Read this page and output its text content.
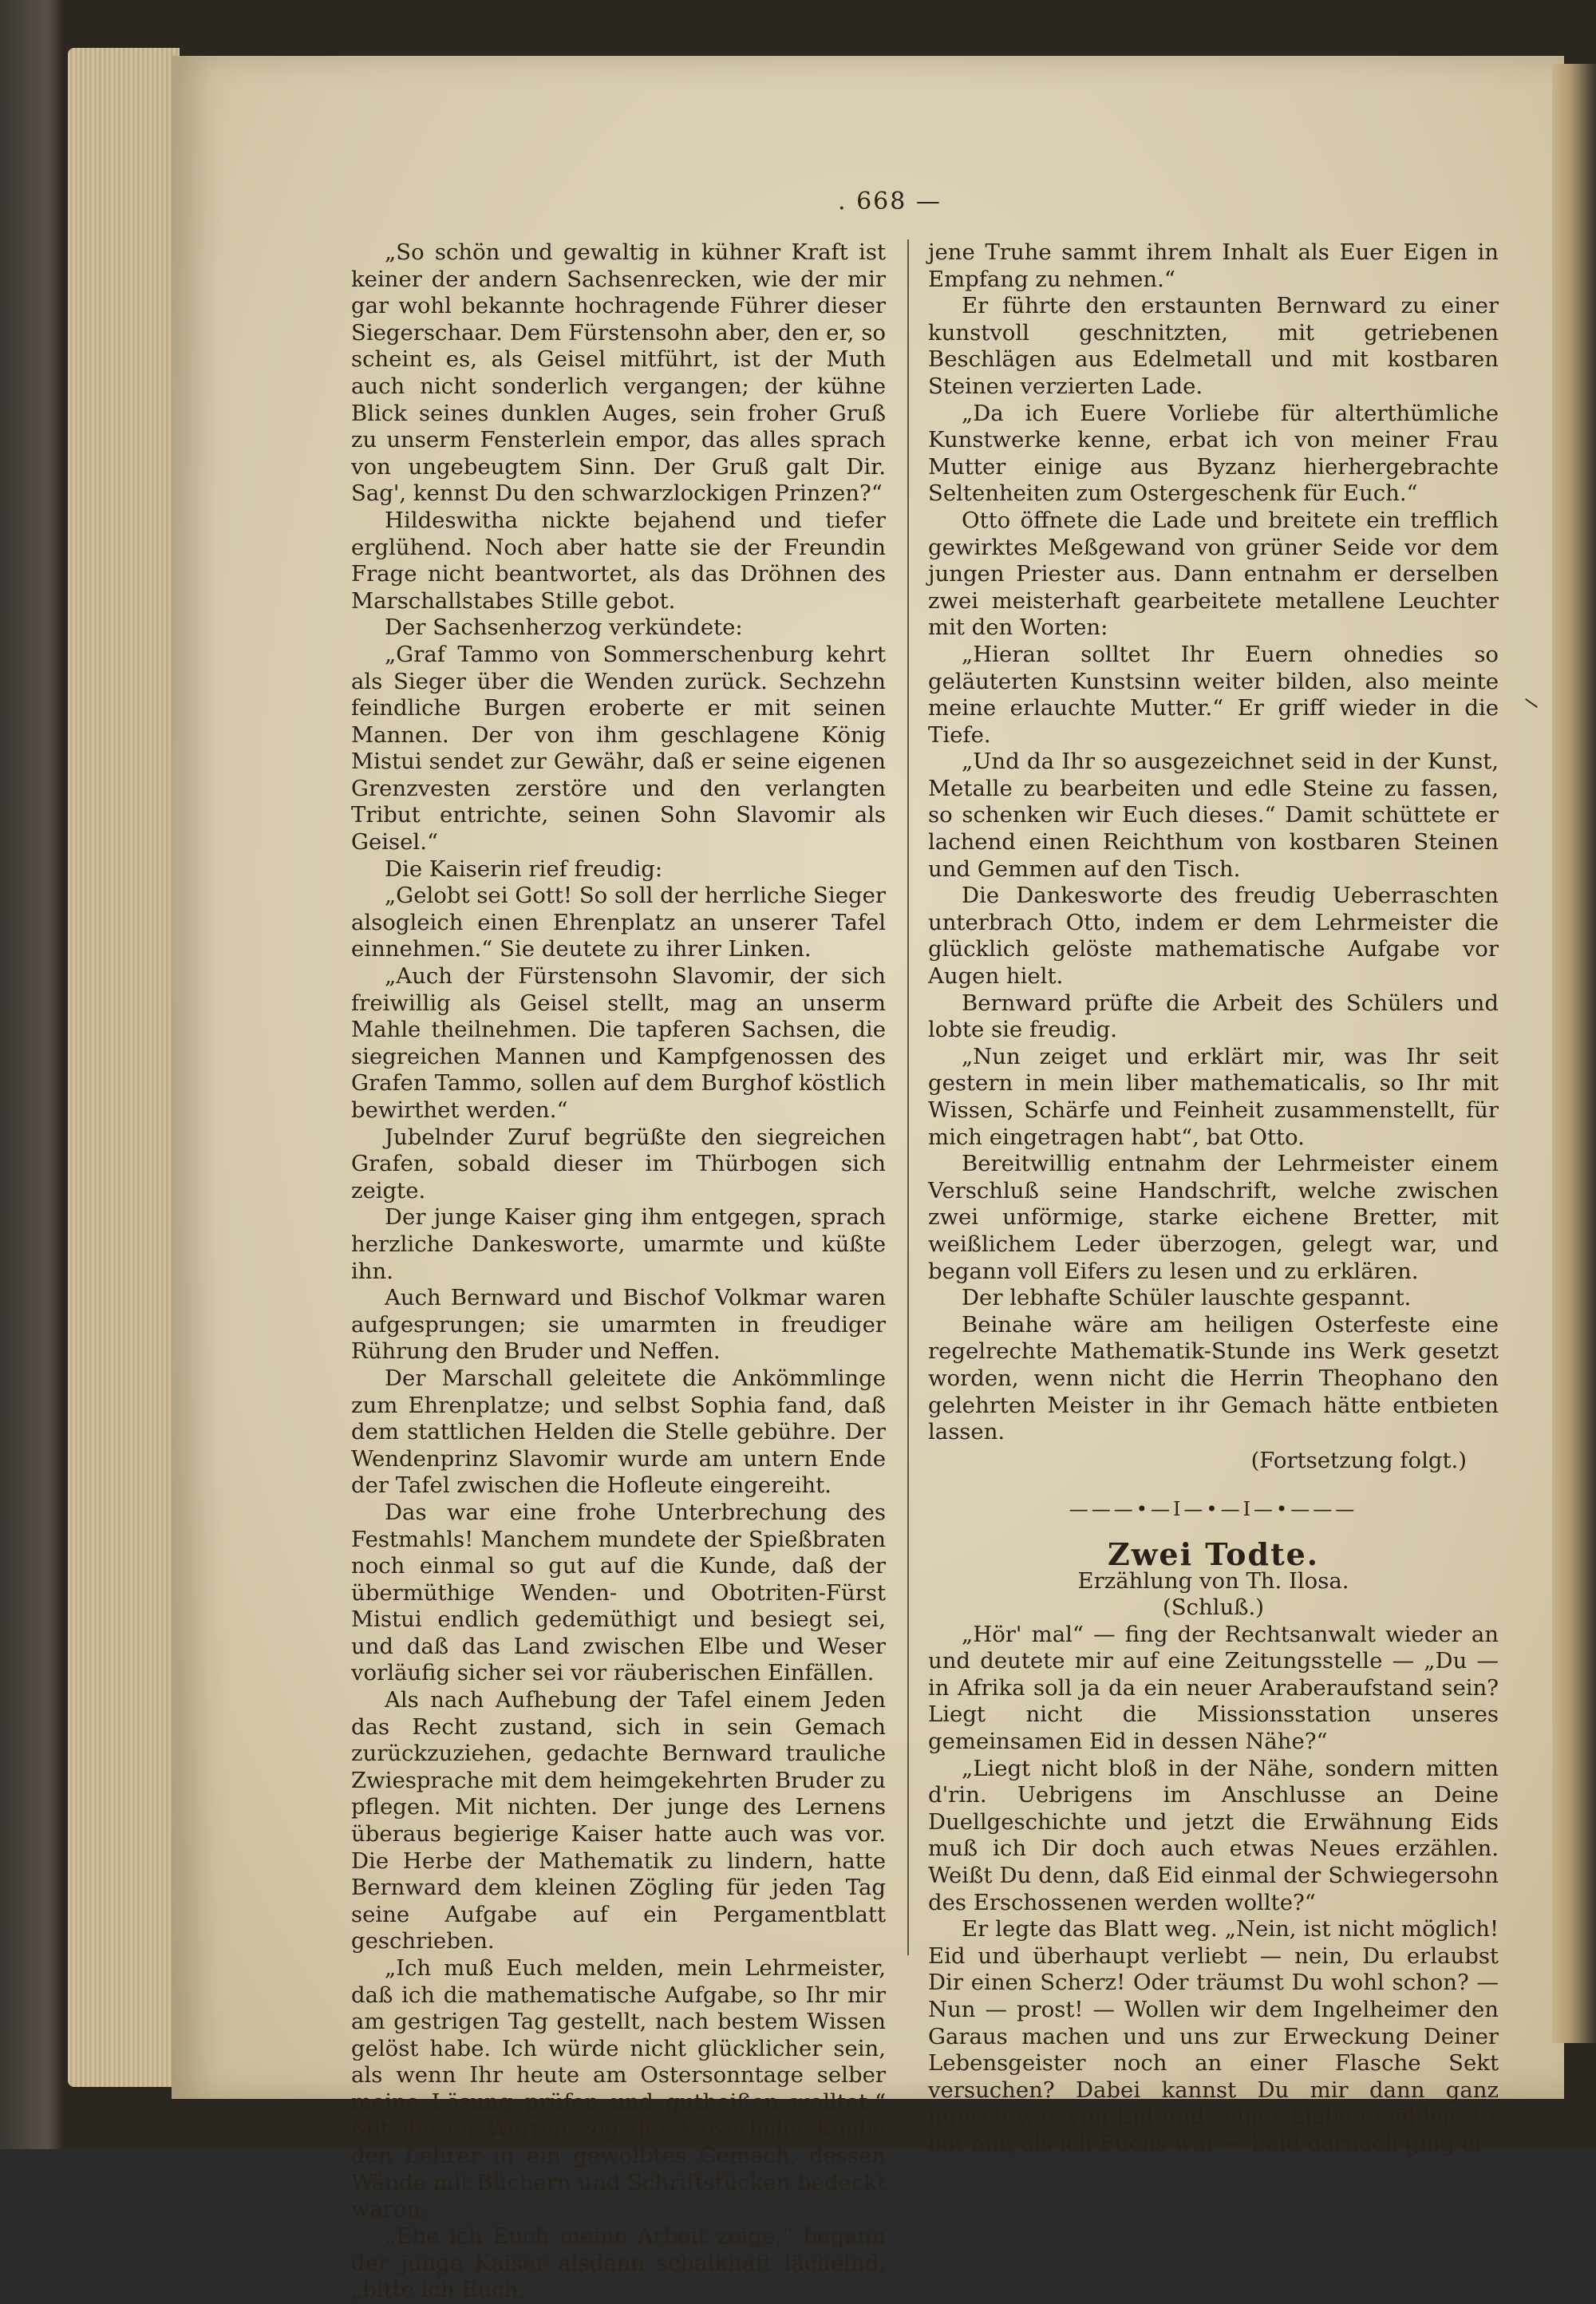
. 668 —

„So schön und gewaltig in kühner Kraft ist keiner der andern Sachsenrecken, wie der mir gar wohl bekannte hochragende Führer dieser Siegerschaar. Dem Fürstensohn aber, den er, so scheint es, als Geisel mitführt, ist der Muth auch nicht sonderlich vergangen; der kühne Blick seines dunklen Auges, sein froher Gruß zu unserm Fensterlein empor, das alles sprach von ungebeugtem Sinn. Der Gruß galt Dir. Sag', kennst Du den schwarzlockigen Prinzen?“

Hildeswitha nickte bejahend und tiefer erglühend. Noch aber hatte sie der Freundin Frage nicht beantwortet, als das Dröhnen des Marschallstabes Stille gebot.

Der Sachsenherzog verkündete:

„Graf Tammo von Sommerschenburg kehrt als Sieger über die Wenden zurück. Sechzehn feindliche Burgen eroberte er mit seinen Mannen. Der von ihm geschlagene König Mistui sendet zur Gewähr, daß er seine eigenen Grenzvesten zerstöre und den verlangten Tribut entrichte, seinen Sohn Slavomir als Geisel.“

Die Kaiserin rief freudig:

„Gelobt sei Gott! So soll der herrliche Sieger alsogleich einen Ehrenplatz an unserer Tafel einnehmen.“ Sie deutete zu ihrer Linken.

„Auch der Fürstensohn Slavomir, der sich freiwillig als Geisel stellt, mag an unserm Mahle theilnehmen. Die tapferen Sachsen, die siegreichen Mannen und Kampfgenossen des Grafen Tammo, sollen auf dem Burghof köstlich bewirthet werden.“

Jubelnder Zuruf begrüßte den siegreichen Grafen, sobald dieser im Thürbogen sich zeigte.

Der junge Kaiser ging ihm entgegen, sprach herzliche Dankesworte, umarmte und küßte ihn.

Auch Bernward und Bischof Volkmar waren aufgesprungen; sie umarmten in freudiger Rührung den Bruder und Neffen.

Der Marschall geleitete die Ankömmlinge zum Ehrenplatze; und selbst Sophia fand, daß dem stattlichen Helden die Stelle gebühre. Der Wendenprinz Slavomir wurde am untern Ende der Tafel zwischen die Hofleute eingereiht.

Das war eine frohe Unterbrechung des Festmahls! Manchem mundete der Spießbraten noch einmal so gut auf die Kunde, daß der übermüthige Wenden- und Obotriten-Fürst Mistui endlich gedemüthigt und besiegt sei, und daß das Land zwischen Elbe und Weser vorläufig sicher sei vor räuberischen Einfällen.

Als nach Aufhebung der Tafel einem Jeden das Recht zustand, sich in sein Gemach zurückzuziehen, gedachte Bernward trauliche Zwiesprache mit dem heimgekehrten Bruder zu pflegen. Mit nichten. Der junge des Lernens überaus begierige Kaiser hatte auch was vor. Die Herbe der Mathematik zu lindern, hatte Bernward dem kleinen Zögling für jeden Tag seine Aufgabe auf ein Pergamentblatt geschrieben.

„Ich muß Euch melden, mein Lehrmeister, daß ich die mathematische Aufgabe, so Ihr mir am gestrigen Tag gestellt, nach bestem Wissen gelöst habe. Ich würde nicht glücklicher sein, als wenn Ihr heute am Ostersonntage selber meine Lösung prüfen und gutheißen wolltet.“ Mit diesen Worten zog der kaiserliche Knabe den Lehrer in ein gewölbtes Gemach, dessen Wände mit Büchern und Schriftstücken bedeckt waren.

„Ehe ich Euch meine Arbeit zeige,“ begann der junge Kaiser alsdann schalkhaft lächelnd, „bitte ich Euch,

jene Truhe sammt ihrem Inhalt als Euer Eigen in Empfang zu nehmen.“

Er führte den erstaunten Bernward zu einer kunstvoll geschnitzten, mit getriebenen Beschlägen aus Edelmetall und mit kostbaren Steinen verzierten Lade.

„Da ich Euere Vorliebe für alterthümliche Kunstwerke kenne, erbat ich von meiner Frau Mutter einige aus Byzanz hierhergebrachte Seltenheiten zum Ostergeschenk für Euch.“

Otto öffnete die Lade und breitete ein trefflich gewirktes Meßgewand von grüner Seide vor dem jungen Priester aus. Dann entnahm er derselben zwei meisterhaft gearbeitete metallene Leuchter mit den Worten:

„Hieran solltet Ihr Euern ohnedies so geläuterten Kunstsinn weiter bilden, also meinte meine erlauchte Mutter.“ Er griff wieder in die Tiefe.

„Und da Ihr so ausgezeichnet seid in der Kunst, Metalle zu bearbeiten und edle Steine zu fassen, so schenken wir Euch dieses.“ Damit schüttete er lachend einen Reichthum von kostbaren Steinen und Gemmen auf den Tisch.

Die Dankesworte des freudig Ueberraschten unterbrach Otto, indem er dem Lehrmeister die glücklich gelöste mathematische Aufgabe vor Augen hielt.

Bernward prüfte die Arbeit des Schülers und lobte sie freudig.

„Nun zeiget und erklärt mir, was Ihr seit gestern in mein liber mathematicalis, so Ihr mit Wissen, Schärfe und Feinheit zusammenstellt, für mich eingetragen habt“, bat Otto.

Bereitwillig entnahm der Lehrmeister einem Verschluß seine Handschrift, welche zwischen zwei unförmige, starke eichene Bretter, mit weißlichem Leder überzogen, gelegt war, und begann voll Eifers zu lesen und zu erklären.

Der lebhafte Schüler lauschte gespannt.

Beinahe wäre am heiligen Osterfeste eine regelrechte Mathematik-Stunde ins Werk gesetzt worden, wenn nicht die Herrin Theophano den gelehrten Meister in ihr Gemach hätte entbieten lassen.

(Fortsetzung folgt.)

———•—I—•—I—•———

Zwei Todte.

Erzählung von Th. Ilosa.

(Schluß.)

„Hör' mal“ — fing der Rechtsanwalt wieder an und deutete mir auf eine Zeitungsstelle — „Du — in Afrika soll ja da ein neuer Araberaufstand sein? Liegt nicht die Missionsstation unseres gemeinsamen Eid in dessen Nähe?“

„Liegt nicht bloß in der Nähe, sondern mitten d'rin. Uebrigens im Anschlusse an Deine Duellgeschichte und jetzt die Erwähnung Eids muß ich Dir doch auch etwas Neues erzählen. Weißt Du denn, daß Eid einmal der Schwiegersohn des Erschossenen werden wollte?“

Er legte das Blatt weg. „Nein, ist nicht möglich! Eid und überhaupt verliebt — nein, Du erlaubst Dir einen Scherz! Oder träumst Du wohl schon? — Nun — prost! — Wollen wir dem Ingelheimer den Garaus machen und uns zur Erweckung Deiner Lebensgeister noch an einer Flasche Sekt versuchen? Dabei kannst Du mir dann ganz hübsch was von Eid und seiner Liebe erzählen. Er hat mir, als ich Fuchs war — bald darnach ging er
